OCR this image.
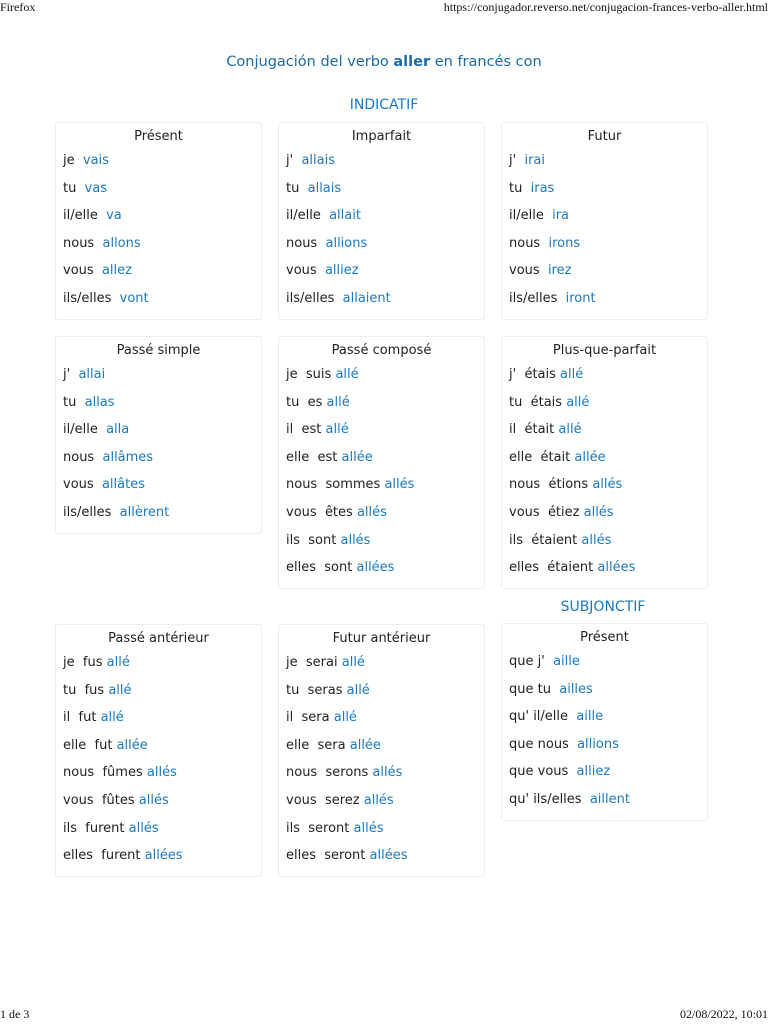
Firefox	https://conjugador.reverso.net/conjugacion-frances-verbo-aller.html
Conjugación del verbo aller en francés con
INDICATIF
SUBJONCTIF
Présent
je vais
tu vas
il/elle va
nous allons
vous allez
ils/elles vont
Imparfait
j' allais
tu allais
il/elle allait
nous allions
vous alliez
ils/elles allaient
Futur
j' irai
tu iras
il/elle ira
nous irons
vous irez
ils/elles iront
Passé simple
j' allai
tu allas
il/elle alla
nous allâmes
vous allâtes
ils/elles allèrent
Passé composé
je suis allé
tu es allé
il est allé
elle est allée
nous sommes allés
vous êtes allés
ils sont allés
elles sont allées
Plus-que-parfait
j' étais allé
tu étais allé
il était allé
elle était allée
nous étions allés
vous étiez allés
ils étaient allés
elles étaient allées
Passé antérieur
je fus allé
tu fus allé
il fut allé
elle fut allée
nous fûmes allés
vous fûtes allés
ils furent allés
elles furent allées
Futur antérieur
je serai allé
tu seras allé
il sera allé
elle sera allée
nous serons allés
vous serez allés
ils seront allés
elles seront allées
Présent
que j' aille
que tu ailles
qu' il/elle aille
que nous allions
que vous alliez
qu' ils/elles aillent
1 de 3	02/08/2022, 10:01
